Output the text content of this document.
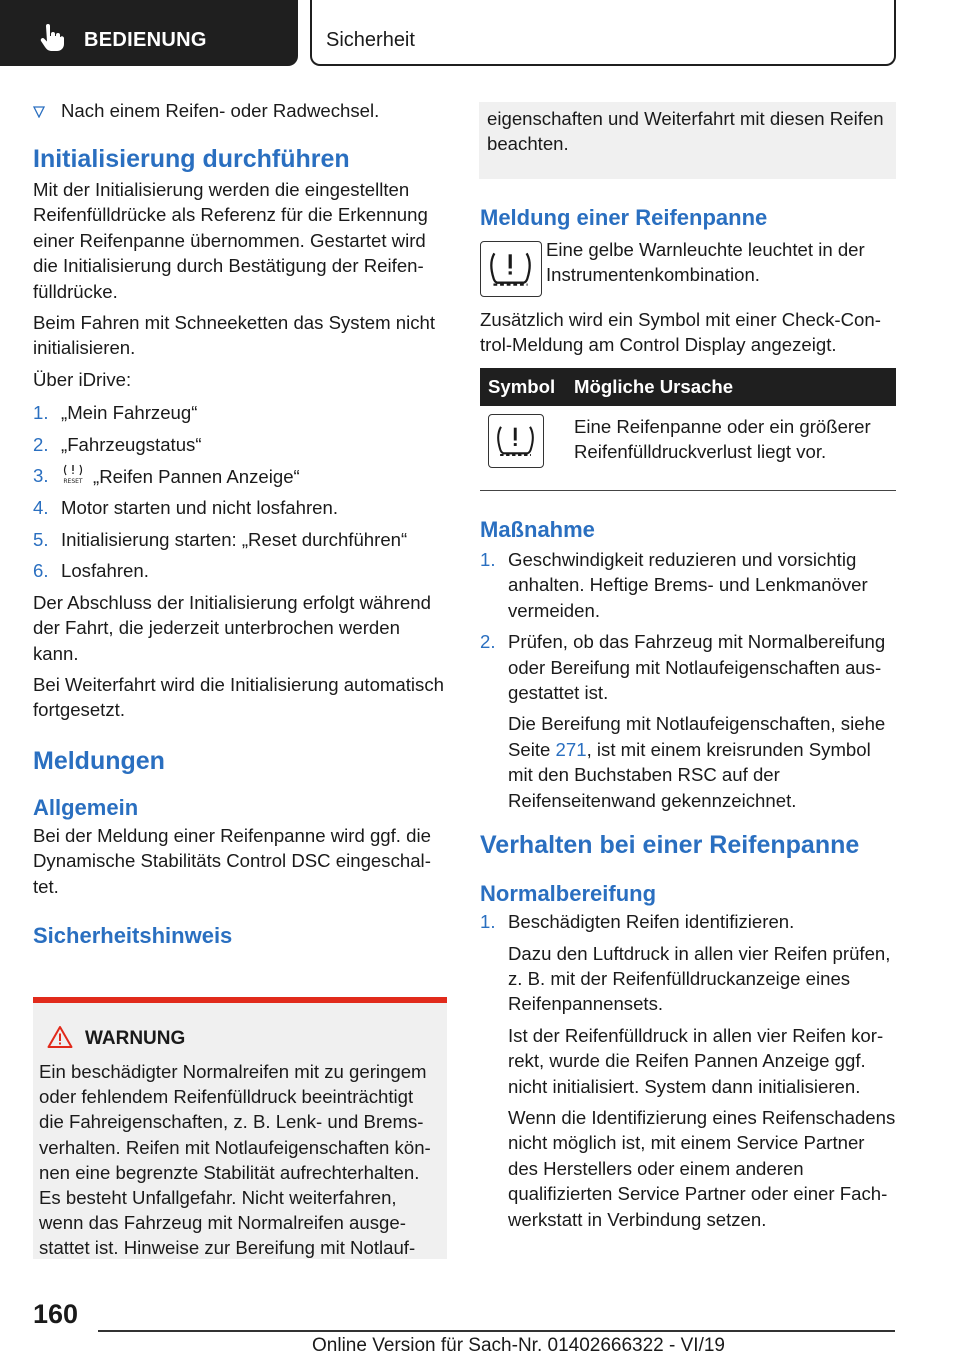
BEDIENUNG	Sicherheit
Nach einem Reifen- oder Radwechsel.
Initialisierung durchführen

Mit der Initialisierung werden die eingestellten Reifenfülldrücke als Referenz für die Erkennung einer Reifenpanne übernommen. Gestartet wird die Initialisierung durch Bestätigung der Reifenfülldrücke.

Beim Fahren mit Schneeketten das System nicht initialisieren.

Über iDrive:

1. „Mein Fahrzeug“
2. „Fahrzeugstatus“
3. RESET „Reifen Pannen Anzeige“
4. Motor starten und nicht losfahren.
5. Initialisierung starten: „Reset durchführen“
6. Losfahren.

Der Abschluss der Initialisierung erfolgt während der Fahrt, die jederzeit unterbrochen werden kann.

Bei Weiterfahrt wird die Initialisierung automatisch fortgesetzt.

Meldungen
Allgemein

Bei der Meldung einer Reifenpanne wird ggf. die Dynamische Stabilitäts Control DSC eingeschaltet.

Sicherheitshinweis
WARNUNG

Ein beschädigter Normalreifen mit zu geringem oder fehlendem Reifenfülldruck beeinträchtigt die Fahreigenschaften, z. B. Lenk- und Bremsverhalten. Reifen mit Notlaufeigenschaften können eine begrenzte Stabilität aufrechterhalten. Es besteht Unfallgefahr. Nicht weiterfahren, wenn das Fahrzeug mit Normalreifen ausgestattet ist. Hinweise zur Bereifung mit Notlauf-

eigenschaften und Weiterfahrt mit diesen Reifen beachten.

Meldung einer Reifenpanne

Eine gelbe Warnleuchte leuchtet in der Instrumentenkombination.

Zusätzlich wird ein Symbol mit einer Check-Control-Meldung am Control Display angezeigt.

Symbol	Mögliche Ursache

	Eine Reifenpanne oder ein größerer Reifenfülldruckverlust liegt vor.
Maßnahme
1. Geschwindigkeit reduzieren und vorsichtig anhalten. Heftige Brems- und Lenkmanöver vermeiden.
2. Prüfen, ob das Fahrzeug mit Normalbereifung oder Bereifung mit Notlaufeigenschaften ausgestattet ist.

Die Bereifung mit Notlaufeigenschaften, siehe Seite 271, ist mit einem kreisrunden Symbol mit den Buchstaben RSC auf der Reifenseitenwand gekennzeichnet.

Verhalten bei einer Reifenpanne
Normalbereifung
1. Beschädigten Reifen identifizieren.

Dazu den Luftdruck in allen vier Reifen prüfen, z. B. mit der Reifenfülldruckanzeige eines Reifenpannensets.

Ist der Reifenfülldruck in allen vier Reifen korrekt, wurde die Reifen Pannen Anzeige ggf. nicht initialisiert. System dann initialisieren.

Wenn die Identifizierung eines Reifenschadens nicht möglich ist, mit einem Service Partner des Herstellers oder einem anderen qualifizierten Service Partner oder einer Fachwerkstatt in Verbindung setzen.

160
Online Version für Sach-Nr. 01402666322 - VI/19
